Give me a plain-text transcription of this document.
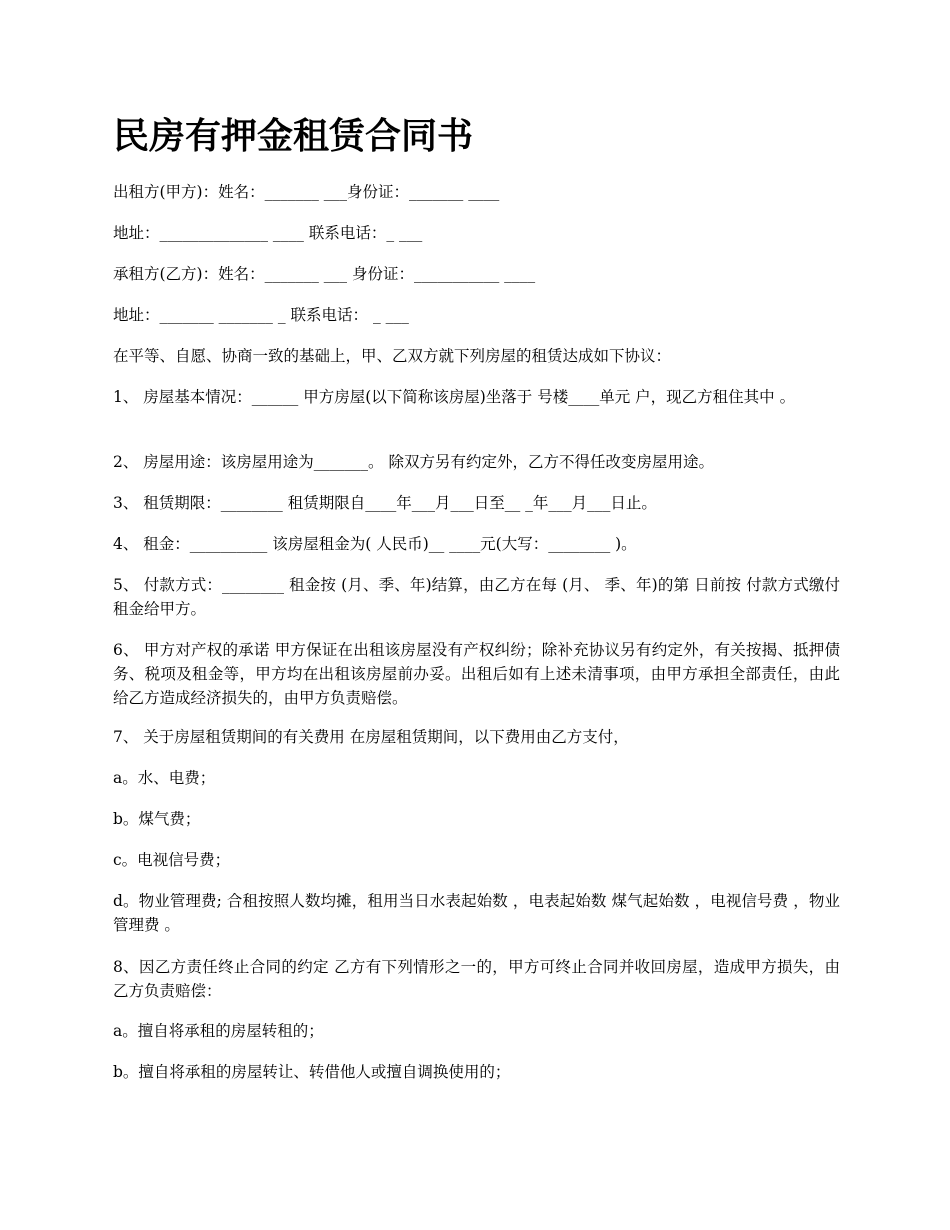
民房有押金租赁合同书

出租方(甲方)：姓名：_______ ___身份证：_______ ____

地址：______________ ____ 联系电话：_ ___

承租方(乙方)：姓名：_______ ___ 身份证：___________ ____

地址：_______ _______ _ 联系电话： _ ___

在平等、自愿、协商一致的基础上，甲、乙双方就下列房屋的租赁达成如下协议：

1、 房屋基本情况：______ 甲方房屋(以下简称该房屋)坐落于 号楼____单元 户，现乙方租住其中 。

2、 房屋用途：该房屋用途为_______。 除双方另有约定外，乙方不得任改变房屋用途。

3、 租赁期限：________ 租赁期限自____年___月___日至__ _年___月___日止。

4、 租金：__________ 该房屋租金为( 人民币)__ ____元(大写：________ )。

5、 付款方式：________ 租金按 (月、季、年)结算，由乙方在每 (月、 季、年)的第 日前按 付款方式缴付租金给甲方。

6、 甲方对产权的承诺 甲方保证在出租该房屋没有产权纠纷；除补充协议另有约定外，有关按揭、抵押债务、税项及租金等，甲方均在出租该房屋前办妥。出租后如有上述未清事项，由甲方承担全部责任，由此给乙方造成经济损失的，由甲方负责赔偿。

7、 关于房屋租赁期间的有关费用 在房屋租赁期间，以下费用由乙方支付，

a。水、电费；

b。煤气费；

c。电视信号费；

d。物业管理费; 合租按照人数均摊，租用当日水表起始数 ，电表起始数 煤气起始数 ，电视信号费 ，物业管理费 。

8、因乙方责任终止合同的约定 乙方有下列情形之一的，甲方可终止合同并收回房屋，造成甲方损失，由乙方负责赔偿：

a。擅自将承租的房屋转租的；

b。擅自将承租的房屋转让、转借他人或擅自调换使用的；
